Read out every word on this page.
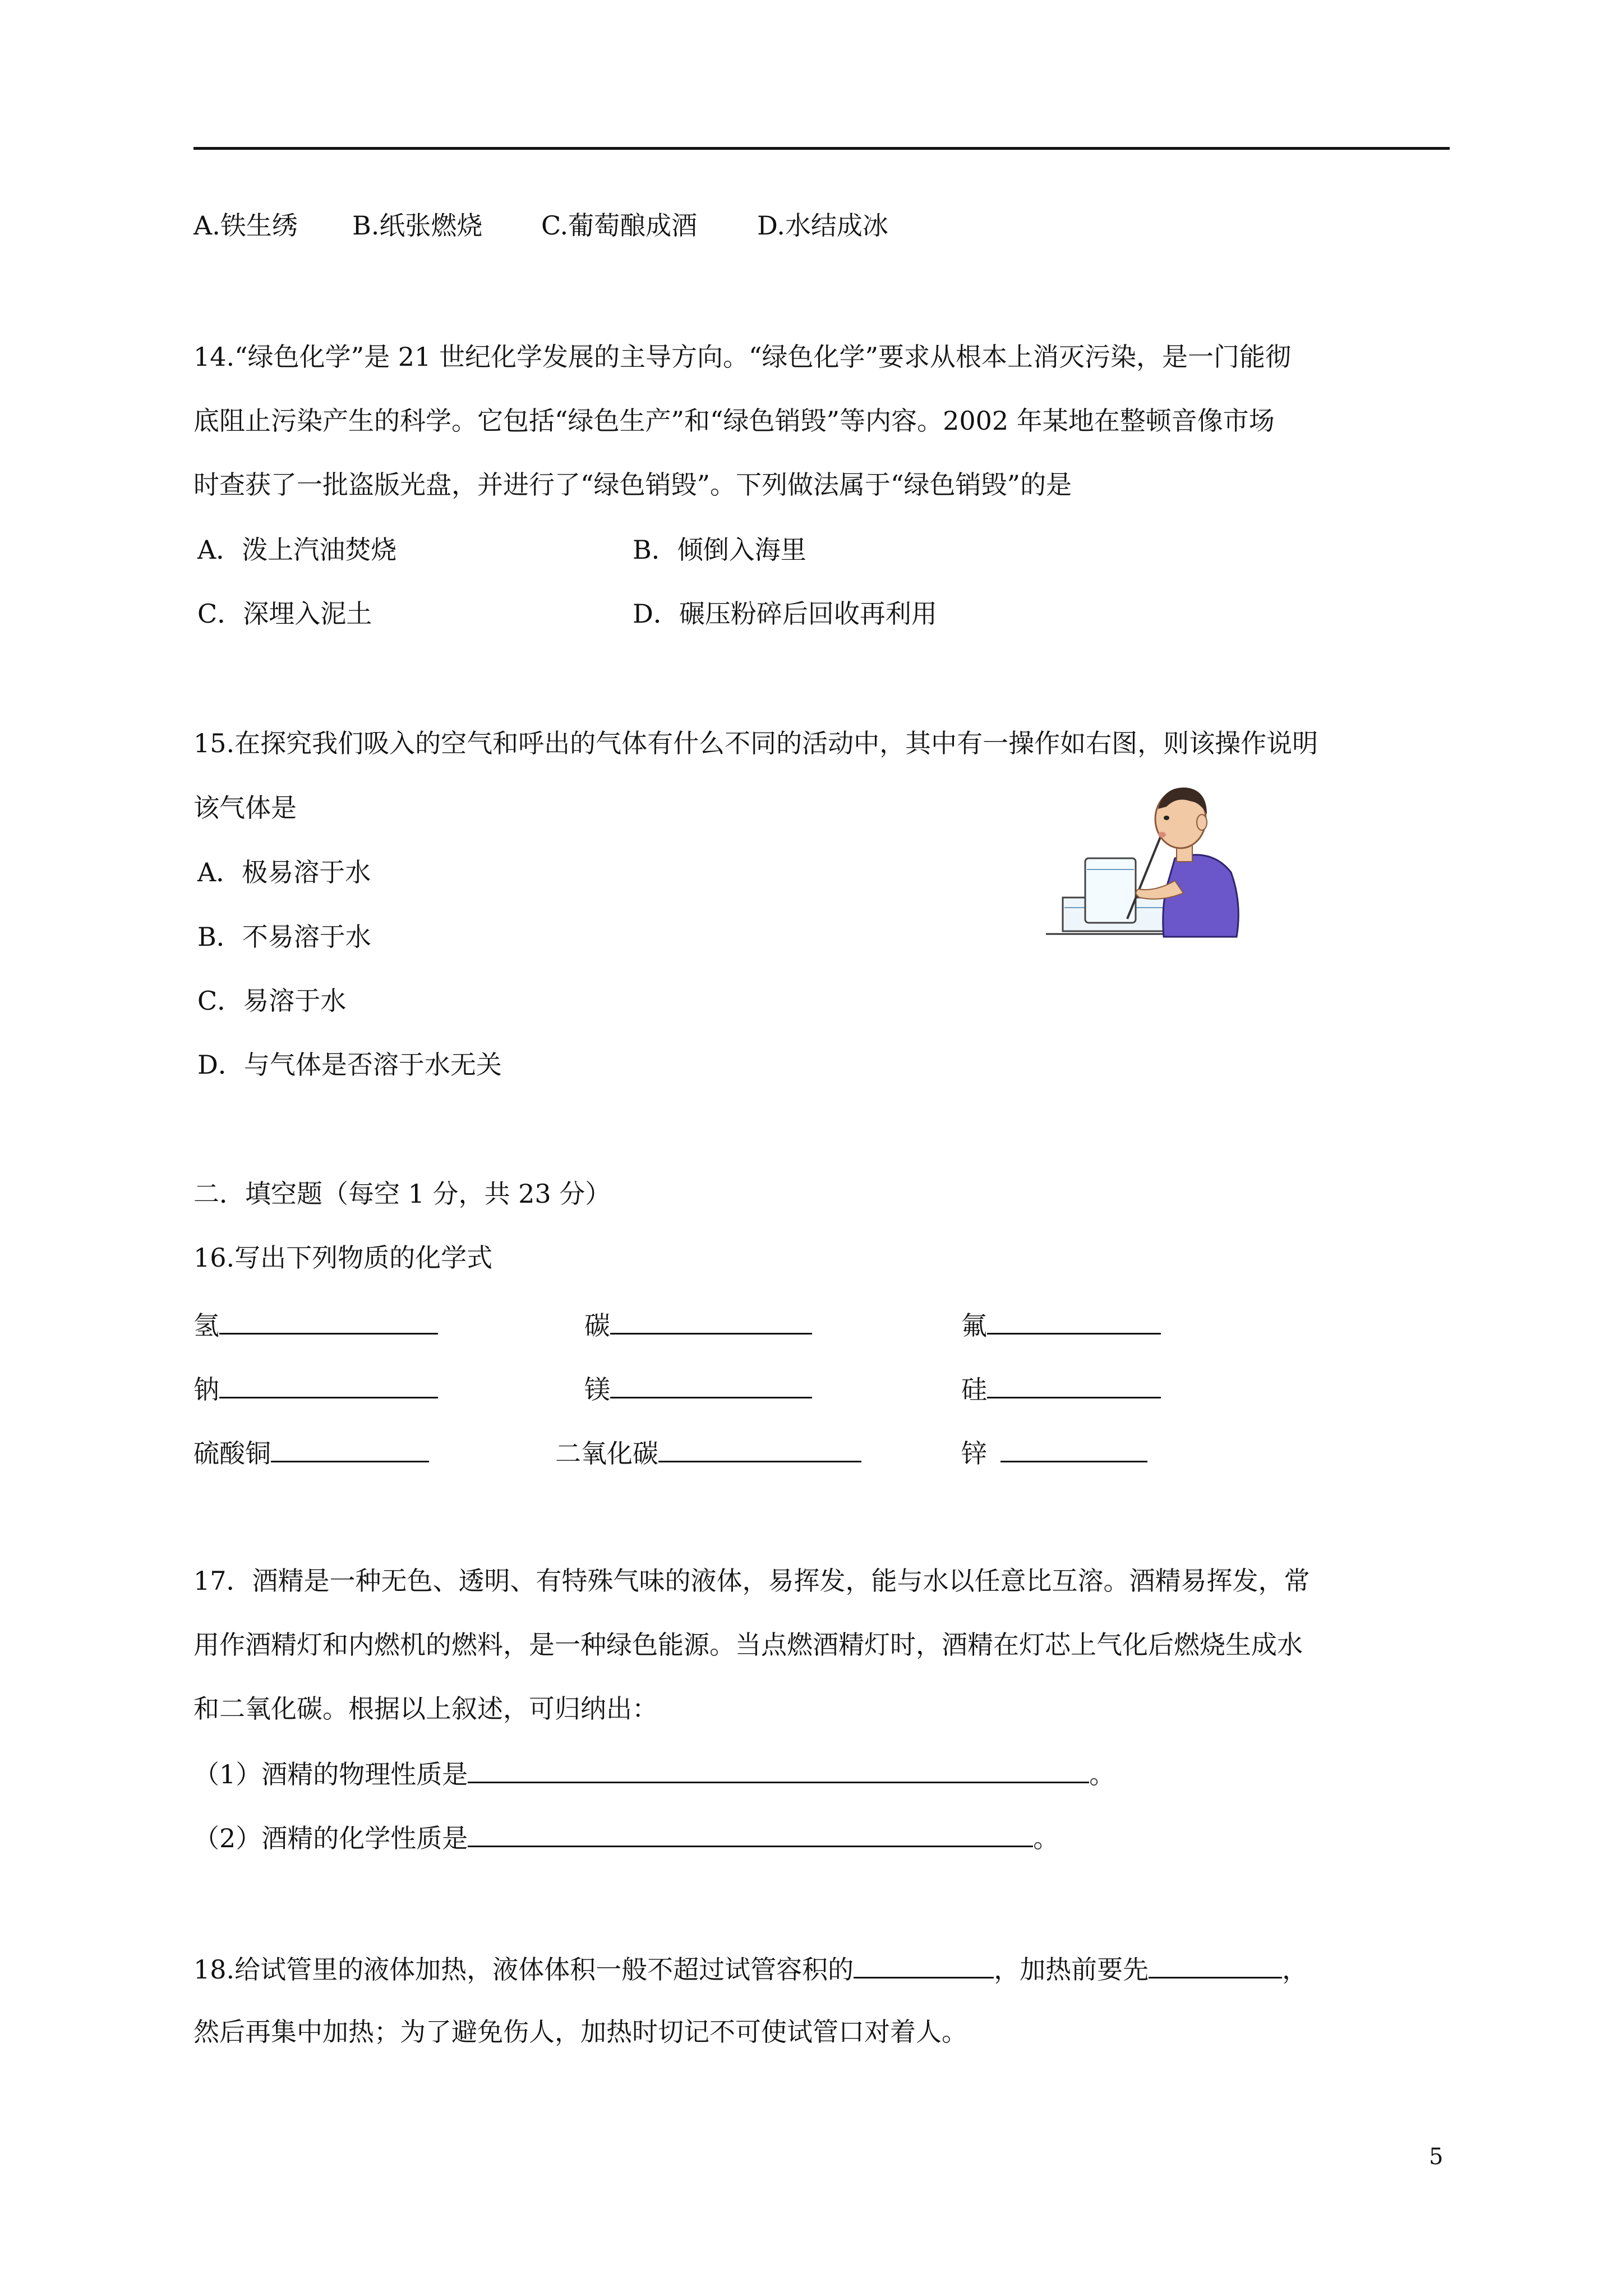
A.铁生绣 B.纸张燃烧 C.葡萄酿成酒 D.水结成冰
14.“绿色化学”是 21 世纪化学发展的主导方向。“绿色化学”要求从根本上消灭污染，是一门能彻
底阻止污染产生的科学。它包括“绿色生产”和“绿色销毁”等内容。2002 年某地在整顿音像市场
时查获了一批盗版光盘，并进行了“绿色销毁”。下列做法属于“绿色销毁”的是
A．泼上汽油焚烧	B．倾倒入海里
C．深埋入泥土	D．碾压粉碎后回收再利用
15.在探究我们吸入的空气和呼出的气体有什么不同的活动中，其中有一操作如右图，则该操作说明
该气体是
A．极易溶于水
B．不易溶于水
C．易溶于水
D．与气体是否溶于水无关
二．填空题（每空 1 分，共 23 分）
16.写出下列物质的化学式
氢	碳	氟
钠	镁	硅
硫酸铜	二氧化碳	锌
17．酒精是一种无色、透明、有特殊气味的液体，易挥发，能与水以任意比互溶。酒精易挥发，常
用作酒精灯和内燃机的燃料，是一种绿色能源。当点燃酒精灯时，酒精在灯芯上气化后燃烧生成水
和二氧化碳。根据以上叙述，可归纳出：
（1）酒精的物理性质是	。
（2）酒精的化学性质是	。
18.给试管里的液体加热，液体体积一般不超过试管容积的	，加热前要先	，
然后再集中加热；为了避免伤人，加热时切记不可使试管口对着人。
5
